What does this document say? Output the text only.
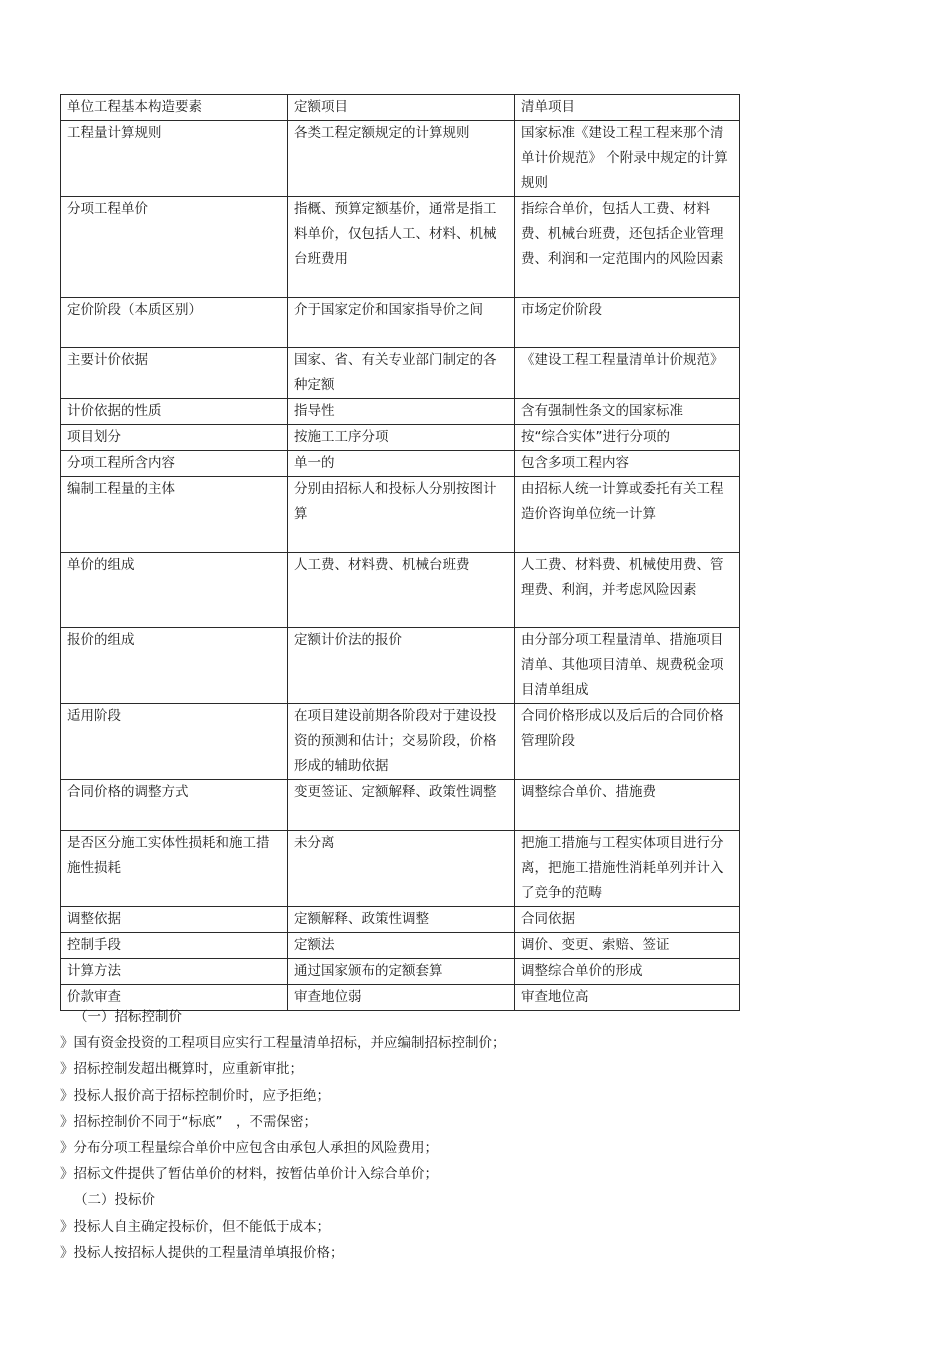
单位工程基本构造要素	定额项目	清单项目
工程量计算规则	各类工程定额规定的计算规则	国家标准《建设工程工程来那个清单计价规范》 个附录中规定的计算规则
分项工程单价	指概、预算定额基价，通常是指工料单价，仅包括人工、材料、机械台班费用	指综合单价，包括人工费、材料费、机械台班费，还包括企业管理费、利润和一定范围内的风险因素
定价阶段（本质区别）	介于国家定价和国家指导价之间	市场定价阶段
主要计价依据	国家、省、有关专业部门制定的各种定额	《建设工程工程量清单计价规范》
计价依据的性质	指导性	含有强制性条文的国家标准
项目划分	按施工工序分项	按“综合实体”进行分项的
分项工程所含内容	单一的	包含多项工程内容
编制工程量的主体	分别由招标人和投标人分别按图计算	由招标人统一计算或委托有关工程造价咨询单位统一计算
单价的组成	人工费、材料费、机械台班费	人工费、材料费、机械使用费、管理费、利润，并考虑风险因素
报价的组成	定额计价法的报价	由分部分项工程量清单、措施项目清单、其他项目清单、规费税金项目清单组成
适用阶段	在项目建设前期各阶段对于建设投资的预测和估计；交易阶段，价格形成的辅助依据	合同价格形成以及后后的合同价格管理阶段
合同价格的调整方式	变更签证、定额解释、政策性调整	调整综合单价、措施费
是否区分施工实体性损耗和施工措施性损耗	未分离	把施工措施与工程实体项目进行分离，把施工措施性消耗单列并计入了竞争的范畴
调整依据	定额解释、政策性调整	合同依据
控制手段	定额法	调价、变更、索赔、签证
计算方法	通过国家颁布的定额套算	调整综合单价的形成
价款审查	审查地位弱	审查地位高
（一）招标控制价
》国有资金投资的工程项目应实行工程量清单招标，并应编制招标控制价；
》招标控制发超出概算时，应重新审批；
》投标人报价高于招标控制价时，应予拒绝；
》招标控制价不同于“标底”　，不需保密；
》分布分项工程量综合单价中应包含由承包人承担的风险费用；
》招标文件提供了暂估单价的材料，按暂估单价计入综合单价；
（二）投标价
》投标人自主确定投标价，但不能低于成本；
》投标人按招标人提供的工程量清单填报价格；
